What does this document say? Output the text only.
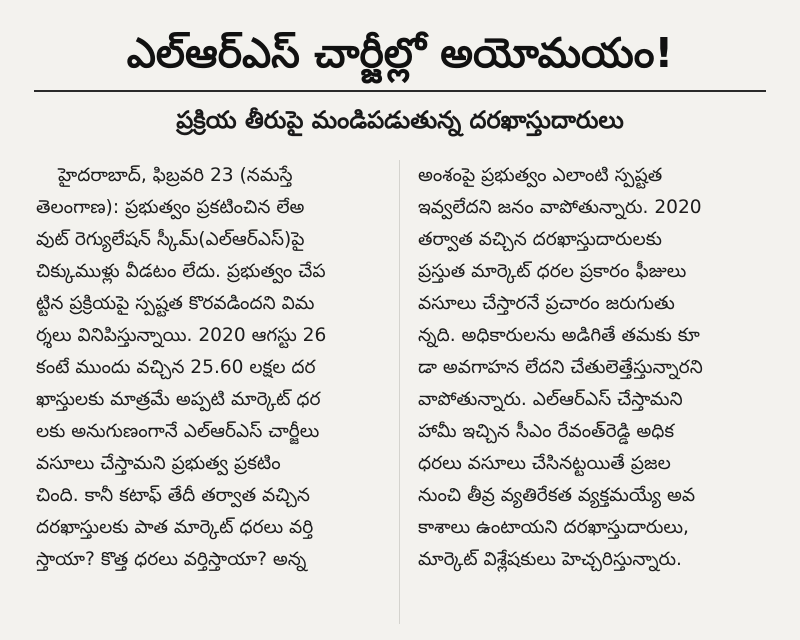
ఎల్‌ఆర్‌ఎస్ చార్జీల్లో అయోమయం!
ప్రక్రియ తీరుపై మండిపడుతున్న దరఖాస్తుదారులు
హైదరాబాద్, ఫిబ్రవరి 23 (నమస్తే
తెలంగాణ): ప్రభుత్వం ప్రకటించిన లేఅ
వుట్ రెగ్యులేషన్ స్కీమ్(ఎల్‌ఆర్‌ఎస్)పై
చిక్కుముళ్లు వీడటం లేదు. ప్రభుత్వం చేప
ట్టిన ప్రక్రియపై స్పష్టత కొరవడిందని విమ
ర్శలు వినిపిస్తున్నాయి. 2020 ఆగస్టు 26
కంటే ముందు వచ్చిన 25.60 లక్షల దర
ఖాస్తులకు మాత్రమే అప్పటి మార్కెట్ ధర
లకు అనుగుణంగానే ఎల్‌ఆర్‌ఎస్ చార్జీలు
వసూలు చేస్తామని ప్రభుత్వ ప్రకటిం
చింది. కానీ కటాఫ్ తేదీ తర్వాత వచ్చిన
దరఖాస్తులకు పాత మార్కెట్ ధరలు వర్తి
స్తాయా? కొత్త ధరలు వర్తిస్తాయా? అన్న
అంశంపై ప్రభుత్వం ఎలాంటి స్పష్టత
ఇవ్వలేదని జనం వాపోతున్నారు. 2020
తర్వాత వచ్చిన దరఖాస్తుదారులకు
ప్రస్తుత మార్కెట్ ధరల ప్రకారం ఫీజులు
వసూలు చేస్తారనే ప్రచారం జరుగుతు
న్నది. అధికారులను అడిగితే తమకు కూ
డా అవగాహన లేదని చేతులెత్తేస్తున్నారని
వాపోతున్నారు. ఎల్‌ఆర్‌ఎస్ చేస్తామని
హామీ ఇచ్చిన సీఎం రేవంత్‌రెడ్డి అధిక
ధరలు వసూలు చేసినట్టయితే ప్రజల
నుంచి తీవ్ర వ్యతిరేకత వ్యక్తమయ్యే అవ
కాశాలు ఉంటాయని దరఖాస్తుదారులు,
మార్కెట్ విశ్లేషకులు హెచ్చరిస్తున్నారు.
